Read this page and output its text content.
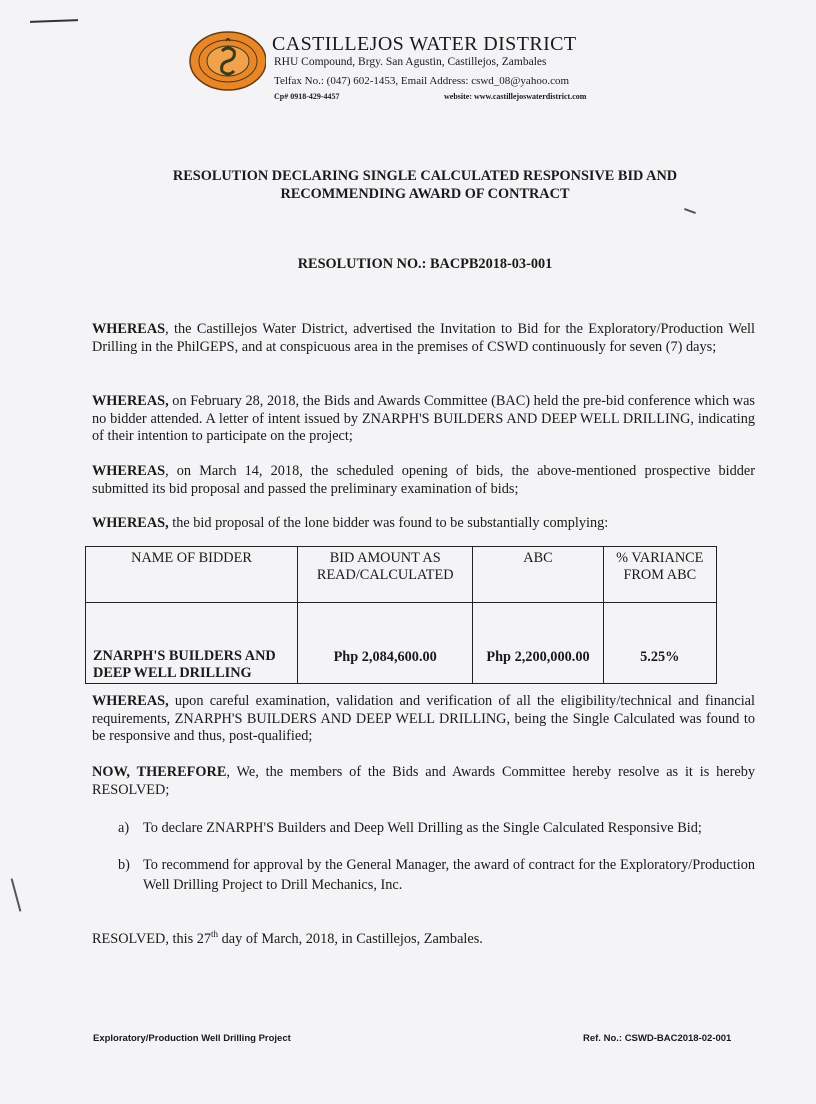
CASTILLEJOS WATER DISTRICT
RHU Compound, Brgy. San Agustin, Castillejos, Zambales
Telfax No.: (047) 602-1453, Email Address: cswd_08@yahoo.com
Cp# 0918-429-4457	website: www.castillejoswaterdistrict.com
RESOLUTION DECLARING SINGLE CALCULATED RESPONSIVE BID AND
RECOMMENDING AWARD OF CONTRACT
RESOLUTION NO.: BACPB2018-03-001

WHEREAS, the Castillejos Water District, advertised the Invitation to Bid for the Exploratory/Production Well Drilling in the PhilGEPS, and at conspicuous area in the premises of CSWD continuously for seven (7) days;

WHEREAS, on February 28, 2018, the Bids and Awards Committee (BAC) held the pre-bid conference which was no bidder attended. A letter of intent issued by ZNARPH'S BUILDERS AND DEEP WELL DRILLING, indicating of their intention to participate on the project;

WHEREAS, on March 14, 2018, the scheduled opening of bids, the above-mentioned prospective bidder submitted its bid proposal and passed the preliminary examination of bids;

WHEREAS, the bid proposal of the lone bidder was found to be substantially complying:

NAME OF BIDDER	BID AMOUNT AS READ/CALCULATED	ABC	% VARIANCE FROM ABC
ZNARPH'S BUILDERS AND DEEP WELL DRILLING	Php 2,084,600.00	Php 2,200,000.00	5.25%

WHEREAS, upon careful examination, validation and verification of all the eligibility/technical and financial requirements, ZNARPH'S BUILDERS AND DEEP WELL DRILLING, being the Single Calculated was found to be responsive and thus, post-qualified;

NOW, THEREFORE, We, the members of the Bids and Awards Committee hereby resolve as it is hereby RESOLVED;

a) To declare ZNARPH'S Builders and Deep Well Drilling as the Single Calculated Responsive Bid;
b) To recommend for approval by the General Manager, the award of contract for the Exploratory/Production Well Drilling Project to Drill Mechanics, Inc.
RESOLVED, this 27th day of March, 2018, in Castillejos, Zambales.
Exploratory/Production Well Drilling Project	Ref. No.: CSWD-BAC2018-02-001
